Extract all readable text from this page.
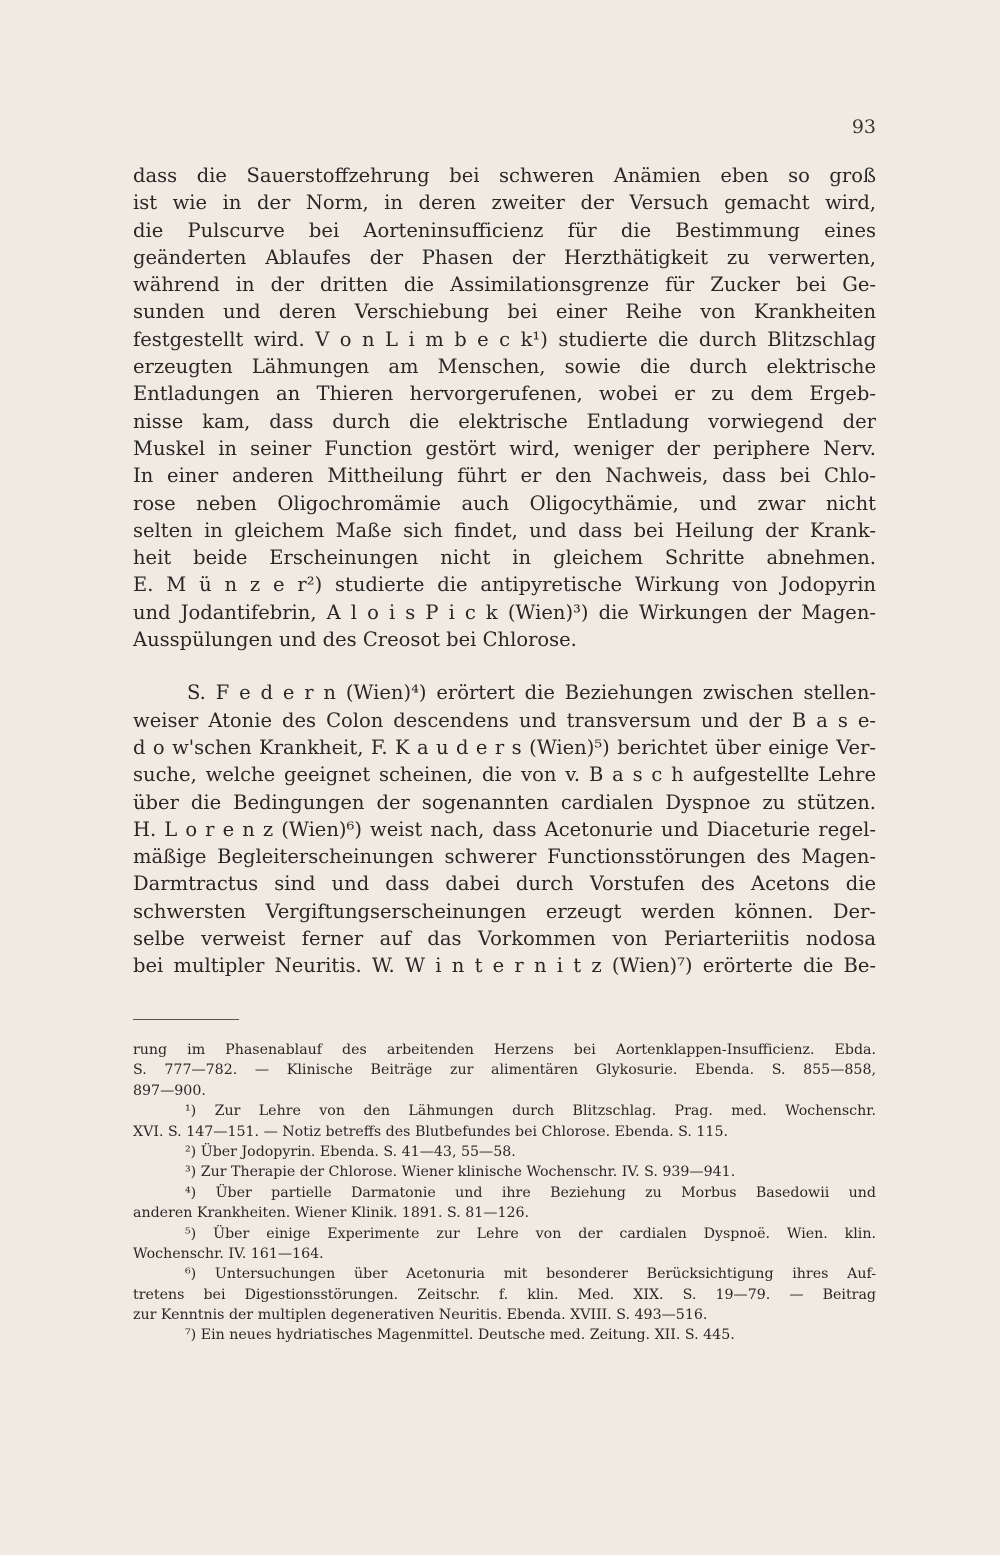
93
dass die Sauerstoffzehrung bei schweren Anämien eben so groß
ist wie in der Norm, in deren zweiter der Versuch gemacht wird,
die Pulscurve bei Aorteninsufficienz für die Bestimmung eines
geänderten Ablaufes der Phasen der Herzthätigkeit zu verwerten,
während in der dritten die Assimilationsgrenze für Zucker bei Ge-
sunden und deren Verschiebung bei einer Reihe von Krankheiten
festgestellt wird. V o n L i m b e c k¹) studierte die durch Blitzschlag
erzeugten Lähmungen am Menschen, sowie die durch elektrische
Entladungen an Thieren hervorgerufenen, wobei er zu dem Ergeb-
nisse kam, dass durch die elektrische Entladung vorwiegend der
Muskel in seiner Function gestört wird, weniger der periphere Nerv.
In einer anderen Mittheilung führt er den Nachweis, dass bei Chlo-
rose neben Oligochromämie auch Oligocythämie, und zwar nicht
selten in gleichem Maße sich findet, und dass bei Heilung der Krank-
heit beide Erscheinungen nicht in gleichem Schritte abnehmen.
E. M ü n z e r²) studierte die antipyretische Wirkung von Jodopyrin
und Jodantifebrin, A l o i s P i c k (Wien)³) die Wirkungen der Magen-
Ausspülungen und des Creosot bei Chlorose.
S. F e d e r n (Wien)⁴) erörtert die Beziehungen zwischen stellen-
weiser Atonie des Colon descendens und transversum und der B a s e-
d o w'schen Krankheit, F. K a u d e r s (Wien)⁵) berichtet über einige Ver-
suche, welche geeignet scheinen, die von v. B a s c h aufgestellte Lehre
über die Bedingungen der sogenannten cardialen Dyspnoe zu stützen.
H. L o r e n z (Wien)⁶) weist nach, dass Acetonurie und Diaceturie regel-
mäßige Begleiterscheinungen schwerer Functionsstörungen des Magen-
Darmtractus sind und dass dabei durch Vorstufen des Acetons die
schwersten Vergiftungserscheinungen erzeugt werden können. Der-
selbe verweist ferner auf das Vorkommen von Periarteriitis nodosa
bei multipler Neuritis. W. W i n t e r n i t z (Wien)⁷) erörterte die Be-
rung im Phasenablauf des arbeitenden Herzens bei Aortenklappen-Insufficienz. Ebda.
S. 777—782. — Klinische Beiträge zur alimentären Glykosurie. Ebenda. S. 855—858,
897—900.
¹) Zur Lehre von den Lähmungen durch Blitzschlag. Prag. med. Wochenschr.
XVI. S. 147—151. — Notiz betreffs des Blutbefundes bei Chlorose. Ebenda. S. 115.
²) Über Jodopyrin. Ebenda. S. 41—43, 55—58.
³) Zur Therapie der Chlorose. Wiener klinische Wochenschr. IV. S. 939—941.
⁴) Über partielle Darmatonie und ihre Beziehung zu Morbus Basedowii und
anderen Krankheiten. Wiener Klinik. 1891. S. 81—126.
⁵) Über einige Experimente zur Lehre von der cardialen Dyspnoë. Wien. klin.
Wochenschr. IV. 161—164.
⁶) Untersuchungen über Acetonuria mit besonderer Berücksichtigung ihres Auf-
tretens bei Digestionsstörungen. Zeitschr. f. klin. Med. XIX. S. 19—79. — Beitrag
zur Kenntnis der multiplen degenerativen Neuritis. Ebenda. XVIII. S. 493—516.
⁷) Ein neues hydriatisches Magenmittel. Deutsche med. Zeitung. XII. S. 445.
